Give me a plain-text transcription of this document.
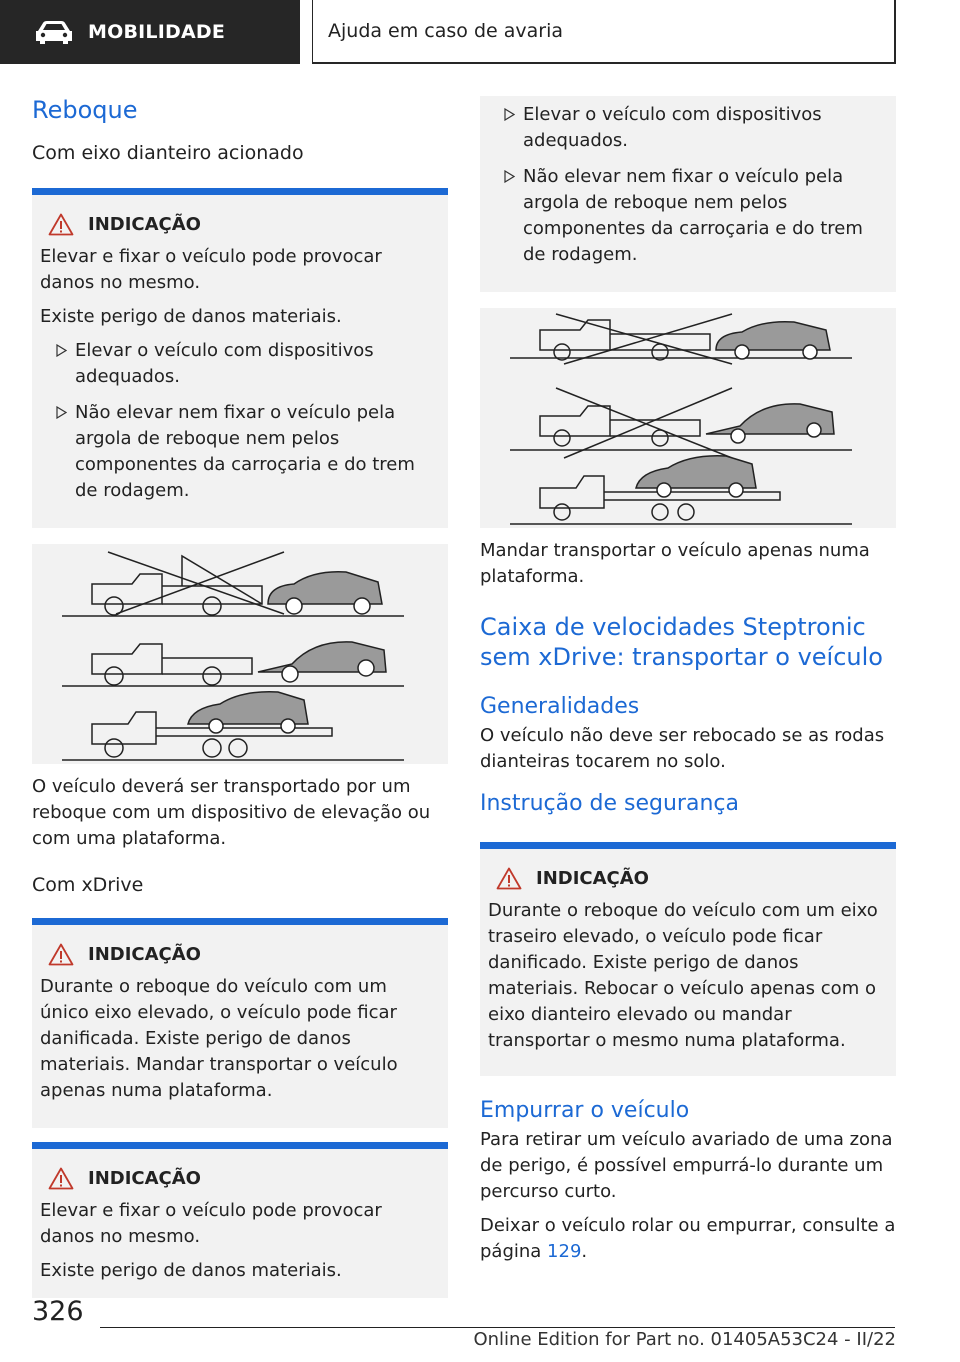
MOBILIDADE	Ajuda em caso de avaria
Reboque
Com eixo dianteiro acionado
INDICAÇÃO

Elevar e fixar o veículo pode provocar danos no mesmo.

Existe perigo de danos materiais.

Elevar o veículo com dispositivos adequados.
Não elevar nem fixar o veículo pela argola de reboque nem pelos componentes da carroçaria e do trem de rodagem.

O veículo deverá ser transportado por um reboque com um dispositivo de elevação ou com uma plataforma.

Com xDrive
INDICAÇÃO

Durante o reboque do veículo com um único eixo elevado, o veículo pode ficar danificada. Existe perigo de danos materiais. Mandar transportar o veículo apenas numa plataforma.

INDICAÇÃO

Elevar e fixar o veículo pode provocar danos no mesmo.

Existe perigo de danos materiais.

Elevar o veículo com dispositivos adequados.
Não elevar nem fixar o veículo pela argola de reboque nem pelos componentes da carroçaria e do trem de rodagem.

Mandar transportar o veículo apenas numa plataforma.

Caixa de velocidades Steptronic sem xDrive: transportar o veículo
Generalidades

O veículo não deve ser rebocado se as rodas dianteiras tocarem no solo.

Instrução de segurança
INDICAÇÃO

Durante o reboque do veículo com um eixo traseiro elevado, o veículo pode ficar danificado. Existe perigo de danos materiais. Rebocar o veículo apenas com o eixo dianteiro elevado ou mandar transportar o mesmo numa plataforma.

Empurrar o veículo

Para retirar um veículo avariado de uma zona de perigo, é possível empurrá-lo durante um percurso curto.

Deixar o veículo rolar ou empurrar, consulte a página 129.

326
Online Edition for Part no. 01405A53C24 - II/22
